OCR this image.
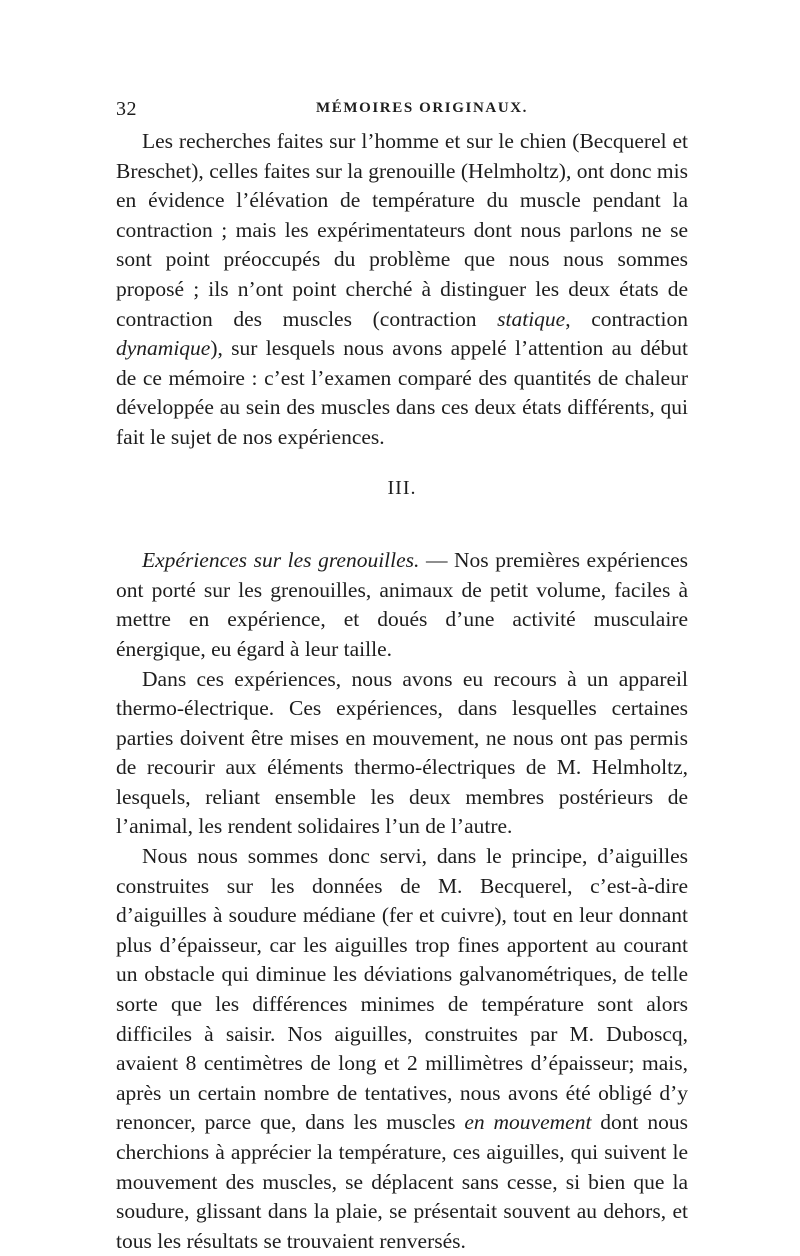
32	MÉMOIRES ORIGINAUX.

Les recherches faites sur l’homme et sur le chien (Becquerel et Breschet), celles faites sur la grenouille (Helmholtz), ont donc mis en évidence l’élévation de température du muscle pendant la contraction ; mais les expérimentateurs dont nous parlons ne se sont point préoccupés du problème que nous nous sommes proposé ; ils n’ont point cherché à distinguer les deux états de contraction des muscles (contraction statique, contraction dynamique), sur lesquels nous avons appelé l’attention au début de ce mémoire : c’est l’examen comparé des quantités de chaleur développée au sein des muscles dans ces deux états différents, qui fait le sujet de nos expériences.

III.

Expériences sur les grenouilles. — Nos premières expériences ont porté sur les grenouilles, animaux de petit volume, faciles à mettre en expérience, et doués d’une activité musculaire énergique, eu égard à leur taille.

Dans ces expériences, nous avons eu recours à un appareil thermo-électrique. Ces expériences, dans lesquelles certaines parties doivent être mises en mouvement, ne nous ont pas permis de recourir aux éléments thermo-électriques de M. Helmholtz, lesquels, reliant ensemble les deux membres postérieurs de l’animal, les rendent solidaires l’un de l’autre.

Nous nous sommes donc servi, dans le principe, d’aiguilles construites sur les données de M. Becquerel, c’est-à-dire d’aiguilles à soudure médiane (fer et cuivre), tout en leur donnant plus d’épaisseur, car les aiguilles trop fines apportent au courant un obstacle qui diminue les déviations galvanométriques, de telle sorte que les différences minimes de température sont alors difficiles à saisir. Nos aiguilles, construites par M. Duboscq, avaient 8 centimètres de long et 2 millimètres d’épaisseur; mais, après un certain nombre de tentatives, nous avons été obligé d’y renoncer, parce que, dans les muscles en mouvement dont nous cherchions à apprécier la température, ces aiguilles, qui suivent le mouvement des muscles, se déplacent sans cesse, si bien que la soudure, glissant dans la plaie, se présentait souvent au dehors, et tous les résultats se trouvaient renversés.
